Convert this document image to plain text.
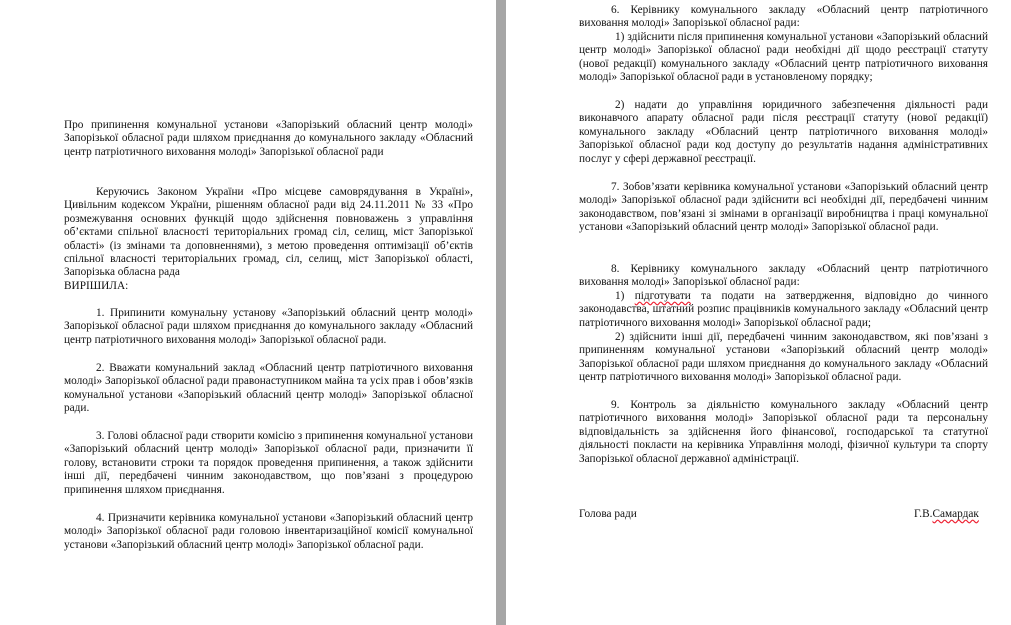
Про припинення комунальної установи «Запорізький обласний центр молоді» Запорізької обласної ради шляхом приєднання до комунального закладу «Обласний центр патріотичного виховання молоді» Запорізької обласної ради

Керуючись Законом України «Про місцеве самоврядування в Україні», Цивільним кодексом України, рішенням обласної ради від 24.11.2011 № 33 «Про розмежування основних функцій щодо здійснення повноважень з управління об’єктами спільної власності територіальних громад сіл, селищ, міст Запорізької області» (із змінами та доповненнями), з метою проведення оптимізації об’єктів спільної власності територіальних громад, сіл, селищ, міст Запорізької області, Запорізька обласна рада

ВИРІШИЛА:

1. Припинити комунальну установу «Запорізький обласний центр молоді» Запорізької обласної ради шляхом приєднання до комунального закладу «Обласний центр патріотичного виховання молоді» Запорізької обласної ради.

2. Вважати комунальний заклад «Обласний центр патріотичного виховання молоді» Запорізької обласної ради правонаступником майна та усіх прав і обов’язків комунальної установи «Запорізький обласний центр молоді» Запорізької обласної ради.

3. Голові обласної ради створити комісію з припинення комунальної установи «Запорізький обласний центр молоді» Запорізької обласної ради, призначити її голову, встановити строки та порядок проведення припинення, а також здійснити інші дії, передбачені чинним законодавством, що пов’язані з процедурою припинення шляхом приєднання.

4. Призначити керівника комунальної установи «Запорізький обласний центр молоді» Запорізької обласної ради головою інвентаризаційної комісії комунальної установи «Запорізький обласний центр молоді» Запорізької обласної ради.

6. Керівнику комунального закладу «Обласний центр патріотичного виховання молоді» Запорізької обласної ради:

1) здійснити після припинення комунальної установи «Запорізький обласний центр молоді» Запорізької обласної ради необхідні дії щодо реєстрації статуту (нової редакції) комунального закладу «Обласний центр патріотичного виховання молоді» Запорізької обласної ради в установленому порядку;

2) надати до управління юридичного забезпечення діяльності ради виконавчого апарату обласної ради після реєстрації статуту (нової редакції) комунального закладу «Обласний центр патріотичного виховання молоді» Запорізької обласної ради код доступу до результатів надання адміністративних послуг у сфері державної реєстрації.

7. Зобов’язати керівника комунальної установи «Запорізький обласний центр молоді» Запорізької обласної ради здійснити всі необхідні дії, передбачені чинним законодавством, пов’язані зі змінами в організації виробництва і праці комунальної установи «Запорізький обласний центр молоді» Запорізької обласної ради.

8. Керівнику комунального закладу «Обласний центр патріотичного виховання молоді» Запорізької обласної ради:

1) підготувати та подати на затвердження, відповідно до чинного законодавства, штатний розпис працівників комунального закладу «Обласний центр патріотичного виховання молоді» Запорізької обласної ради;

2) здійснити інші дії, передбачені чинним законодавством, які пов’язані з припиненням комунальної установи «Запорізький обласний центр молоді» Запорізької обласної ради шляхом приєднання до комунального закладу «Обласний центр патріотичного виховання молоді» Запорізької обласної ради.

9. Контроль за діяльністю комунального закладу «Обласний центр патріотичного виховання молоді» Запорізької обласної ради та персональну відповідальність за здійснення його фінансової, господарської та статутної діяльності покласти на керівника Управління молоді, фізичної культури та спорту Запорізької обласної державної адміністрації.

Голова ради	Г.В.Самардак
